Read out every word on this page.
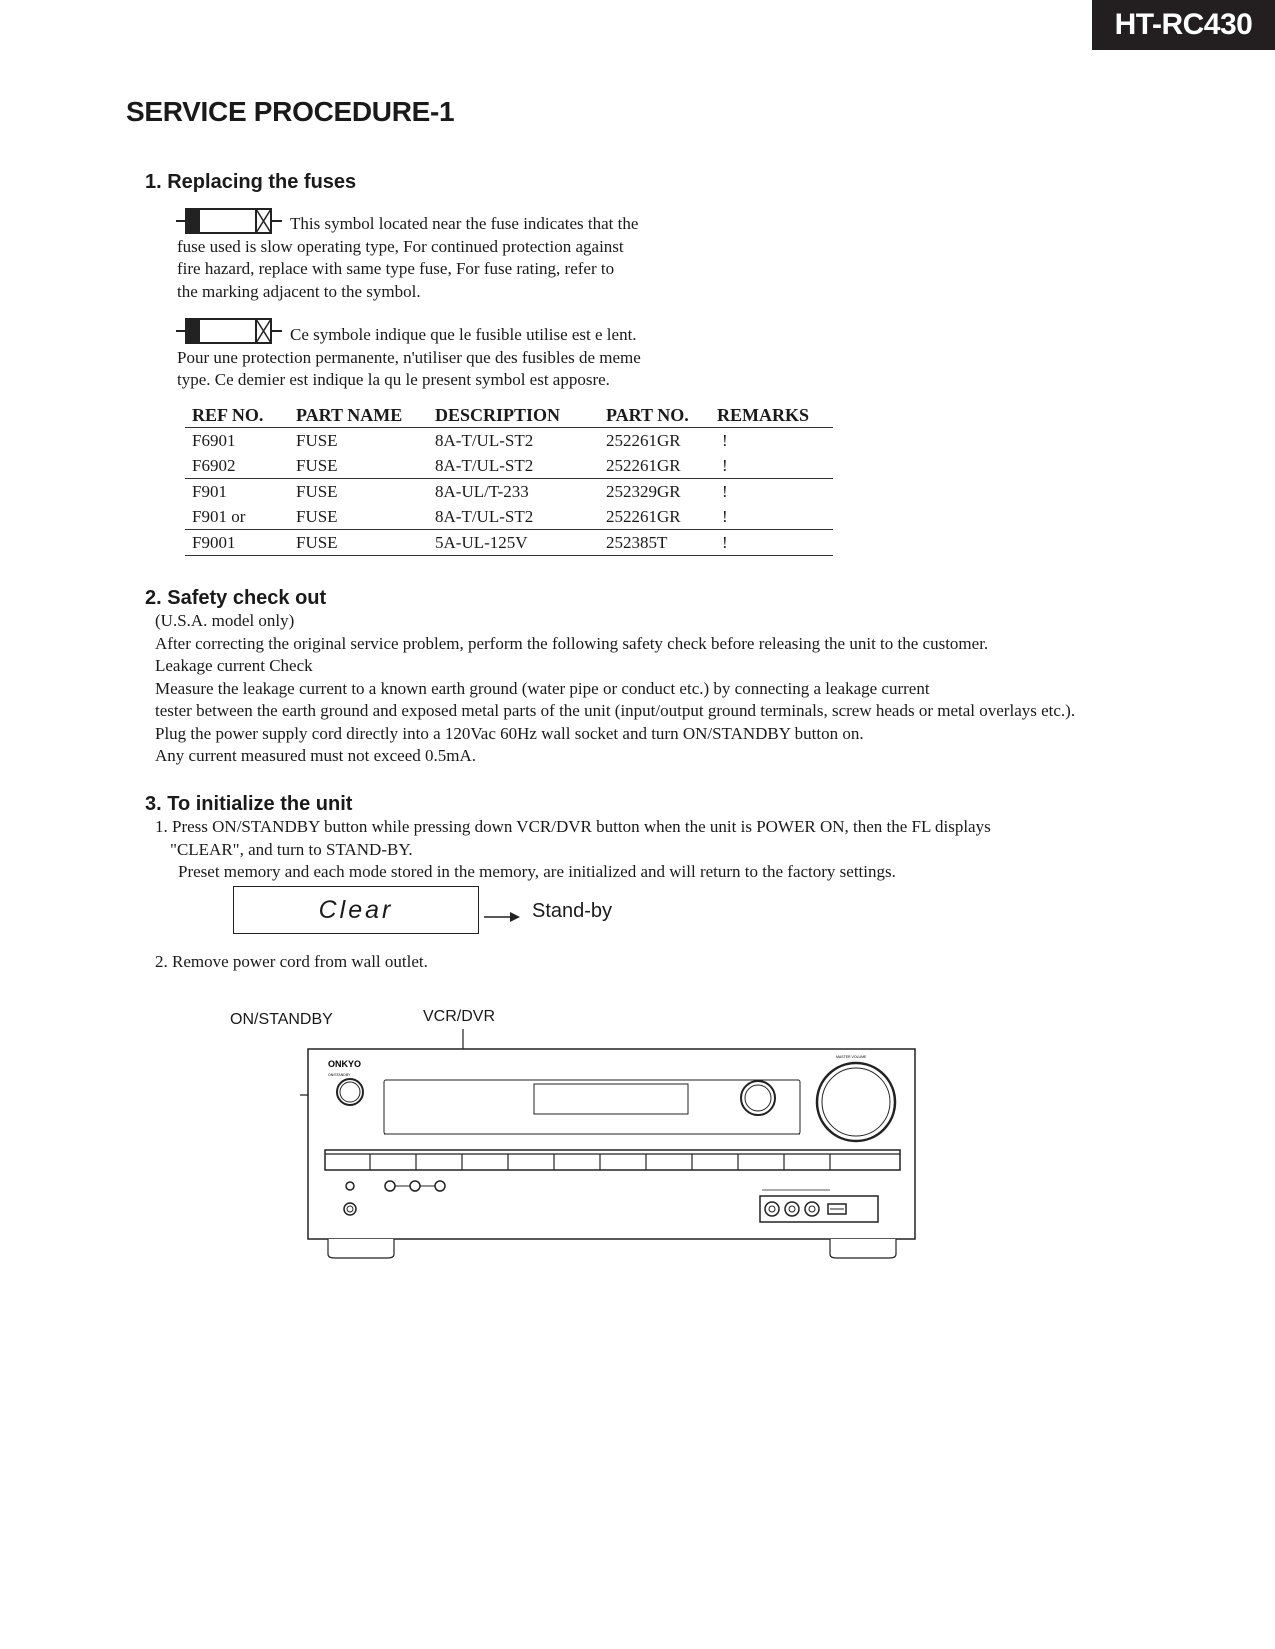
HT-RC430
SERVICE PROCEDURE-1
1. Replacing the fuses
This symbol located near the fuse indicates that the
fuse used is slow operating type, For continued protection against
fire hazard, replace with same type fuse, For fuse rating, refer to
the marking adjacent to the symbol.
Ce symbole indique que le fusible utilise est e lent.
Pour une protection permanente, n'utiliser que des fusibles de meme
type. Ce demier est indique la qu le present symbol est apposre.
REF NO.	PART NAME	DESCRIPTION	PART NO.	REMARKS
F6901	FUSE	8A-T/UL-ST2	252261GR	!
F6902	FUSE	8A-T/UL-ST2	252261GR	!
F901	FUSE	8A-UL/T-233	252329GR	!
F901 or	FUSE	8A-T/UL-ST2	252261GR	!
F9001	FUSE	5A-UL-125V	252385T	!
2. Safety check out
(U.S.A. model only)
After correcting the original service problem, perform the following safety check before releasing the unit to the customer.
Leakage current Check
Measure the leakage current to a known earth ground (water pipe or conduct etc.) by connecting a leakage current
tester between the earth ground and exposed metal parts of the unit (input/output ground terminals, screw heads or metal overlays etc.).
Plug the power supply cord directly into a 120Vac 60Hz wall socket and turn ON/STANDBY button on.
Any current measured must not exceed 0.5mA.
3. To initialize the unit
1. Press ON/STANDBY button while pressing down VCR/DVR button when the unit is POWER ON, then the FL displays
"CLEAR", and turn to STAND-BY.
Preset memory and each mode stored in the memory, are initialized and will return to the factory settings.
Clear	Stand-by
2. Remove power cord from wall outlet.
ON/STANDBY	VCR/DVR
ONKYO
ON/STANDBY
MASTER VOLUME
